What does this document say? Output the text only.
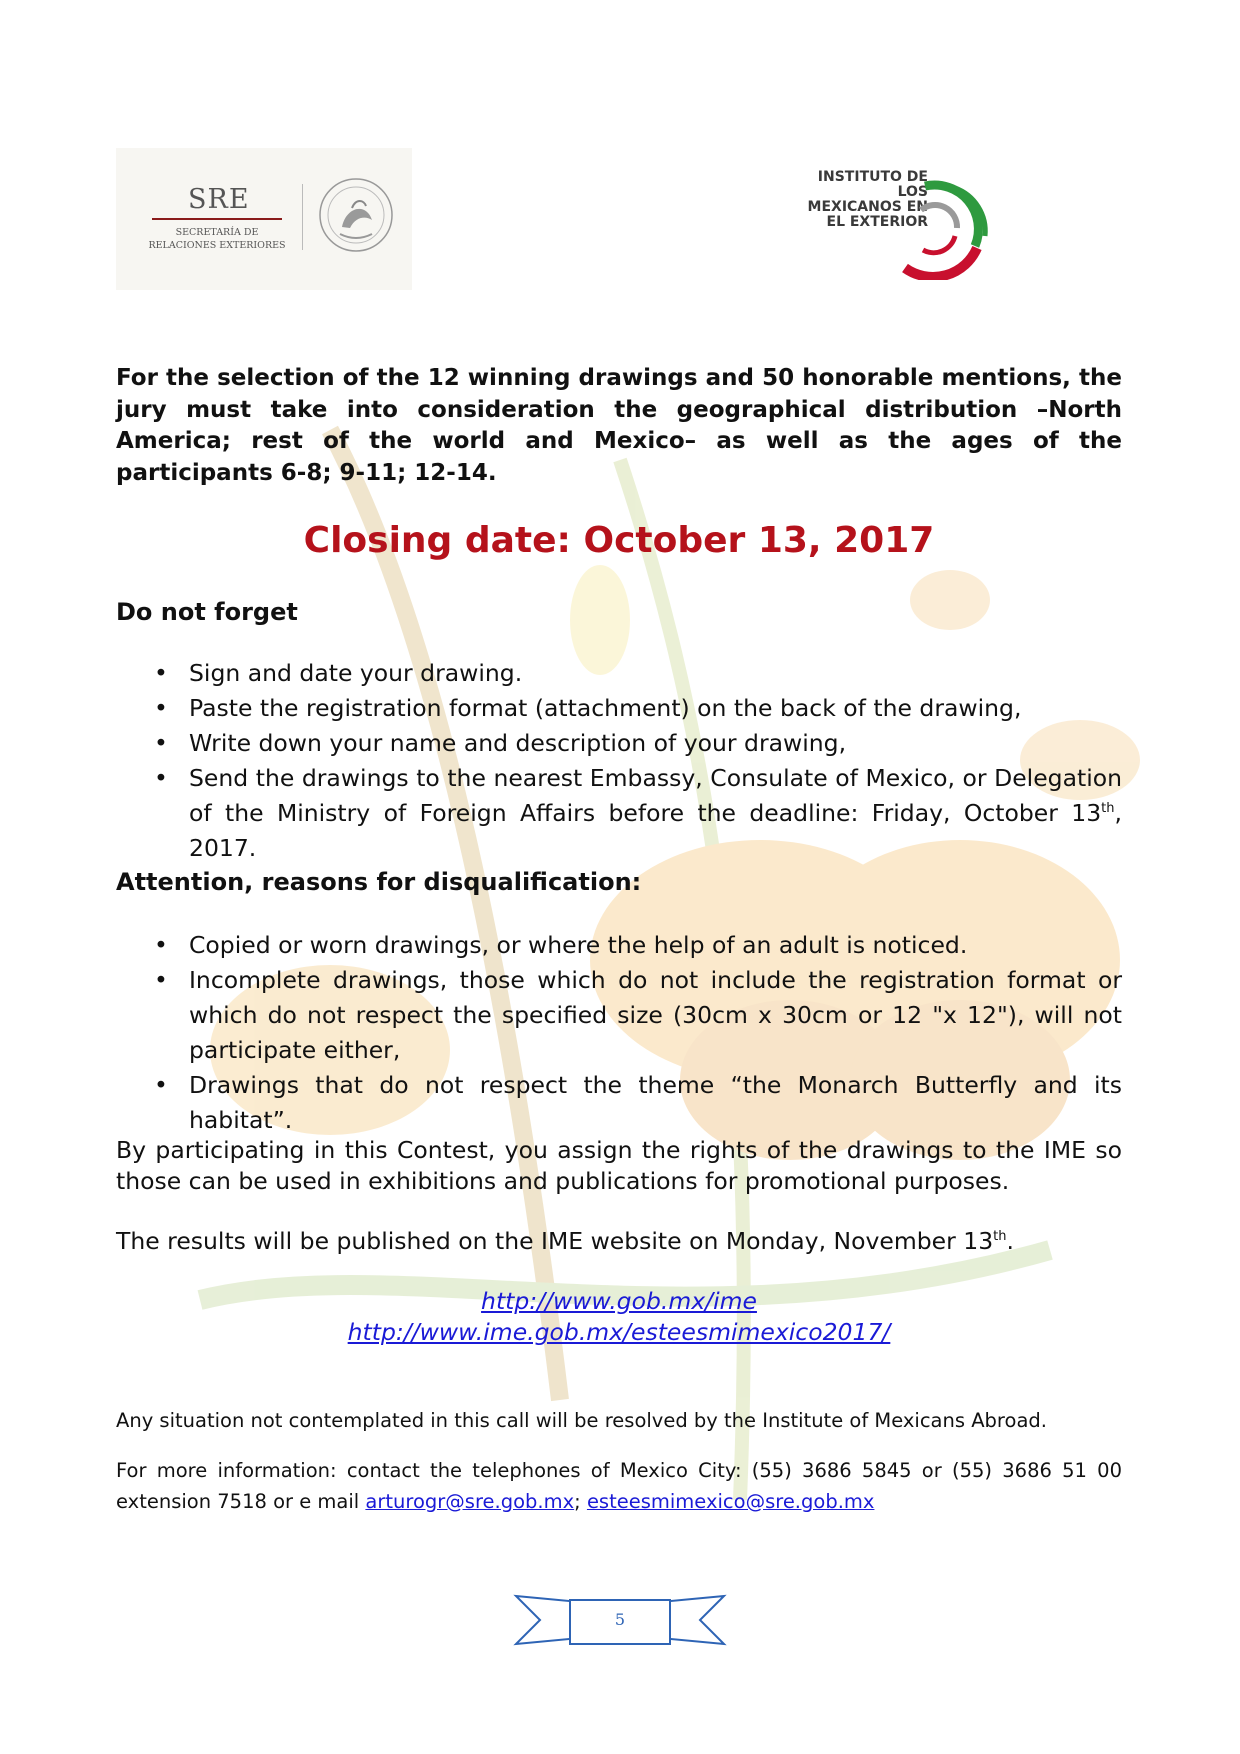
SRE
SECRETARÍA DE
RELACIONES EXTERIORES
INSTITUTO DE LOS
MEXICANOS EN
EL EXTERIOR
For the selection of the 12 winning drawings and 50 honorable mentions, the jury must take into consideration the geographical distribution –North America; rest of the world and Mexico– as well as the ages of the participants 6-8; 9-11; 12-14.
Closing date: October 13, 2017
Do not forget
• Sign and date your drawing.
• Paste the registration format (attachment) on the back of the drawing,
• Write down your name and description of your drawing,
• Send the drawings to the nearest Embassy, Consulate of Mexico, or Delegation of the Ministry of Foreign Affairs before the deadline: Friday, October 13th, 2017.
Attention, reasons for disqualification:
• Copied or worn drawings, or where the help of an adult is noticed.
• Incomplete drawings, those which do not include the registration format or which do not respect the specified size (30cm x 30cm or 12 "x 12"), will not participate either,
• Drawings that do not respect the theme “the Monarch Butterfly and its habitat”.
By participating in this Contest, you assign the rights of the drawings to the IME so those can be used in exhibitions and publications for promotional purposes.
The results will be published on the IME website on Monday, November 13th.
http://www.gob.mx/ime
http://www.ime.gob.mx/esteesmimexico2017/
Any situation not contemplated in this call will be resolved by the Institute of Mexicans Abroad.
For more information: contact the telephones of Mexico City: (55) 3686 5845 or (55) 3686 51 00 extension 7518 or e mail arturogr@sre.gob.mx; esteesmimexico@sre.gob.mx
5
